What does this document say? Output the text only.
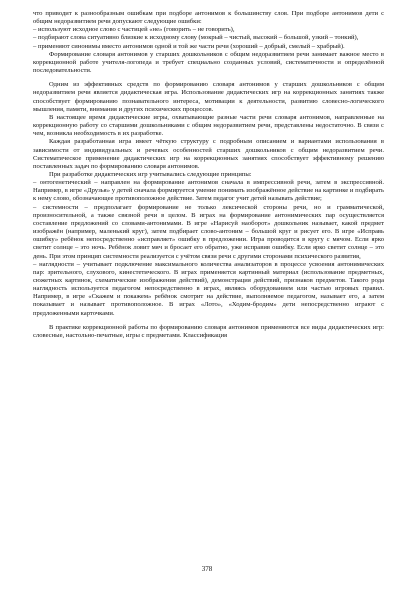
что приводит к разнообразным ошибкам при подборе антонимов к большинству слов. При подборе антонимов дети с общим недоразвитием речи допускают следующие ошибки:

– используют исходное слово с частицей «не» (говорить – не говорить),

– подбирают слова ситуативно близкие к исходному слову (мокрый – чистый, высокий – большой, узкий – тонкий),

– применяют синонимы вместо антонимов одной и той же части речи (хороший – добрый, смелый – храбрый).

Формирование словаря антонимов у старших дошкольников с общим недоразвитием речи занимает важное место в коррекционной работе учителя-логопеда и требует специально созданных условий, систематичности и определённой последовательности.

Одним из эффективных средств по формированию словаря антонимов у старших дошкольников с общим недоразвитием речи является дидактическая игра. Использование дидактических игр на коррекционных занятиях также способствует формированию познавательного интереса, мотивации к деятельности, развитию словесно-логического мышления, памяти, внимания и других психических процессов.

В настоящее время дидактические игры, охватывающие разные части речи словаря антонимов, направленные на коррекционную работу со старшими дошкольниками с общим недоразвитием речи, представлены недостаточно. В связи с чем, возникла необходимость в их разработке.

Каждая разработанная игра имеет чёткую структуру с подробным описанием и вариантами использования в зависимости от индивидуальных и речевых особенностей старших дошкольников с общим недоразвитием речи. Систематическое применение дидактических игр на коррекционных занятиях способствует эффективному решению поставленных задач по формированию словаря антонимов.

При разработке дидактических игр учитывались следующие принципы:

– онтогенетический – направлен на формирование антонимов сначала в импрессивной речи, затем в экспрессивной. Например, в игре «Друзья» у детей сначала формируется умение понимать изображённое действие на картинке и подбирать к нему слово, обозначающее противоположное действие. Затем педагог учит детей называть действие;

– системности – предполагает формирование не только лексической стороны речи, но и грамматической, произносительной, а также связной речи в целом. В играх на формирование антонимических пар осуществляется составление предложений со словами-антонимами. В игре «Нарисуй наоборот» дошкольник называет, какой предмет изображён (например, маленький круг), затем подбирает слово-антоним – большой круг и рисует его. В игре «Исправь ошибку» ребёнок непосредственно «исправляет» ошибку в предложении. Игра проводится в кругу с мячом. Если ярко светит солнце – это ночь. Ребёнок ловит мяч и бросает его обратно, уже исправив ошибку. Если ярко светит солнце – это день. При этом принцип системности реализуется с учётом связи речи с другими сторонами психического развития,

– наглядности – учитывает подключение максимального количества анализаторов в процессе усвоения антонимических пар: зрительного, слухового, кинестетического. В играх применяется картинный материал (использование предметных, сюжетных картинок, схематические изображения действий), демонстрация действий, признаков предметов. Такого рода наглядность используется педагогом непосредственно в играх, являясь оборудованием или частью игровых правил. Например, в игре «Скажем и покажем» ребёнок смотрит на действие, выполняемое педагогом, называет его, а затем показывает и называет противоположное. В играх «Лото», «Ходим-бродим» дети непосредственно играют с предложенными карточками.

В практике коррекционной работы по формированию словаря антонимов применяются все виды дидактических игр: словесные, настольно-печатные, игры с предметами. Классификация

378
